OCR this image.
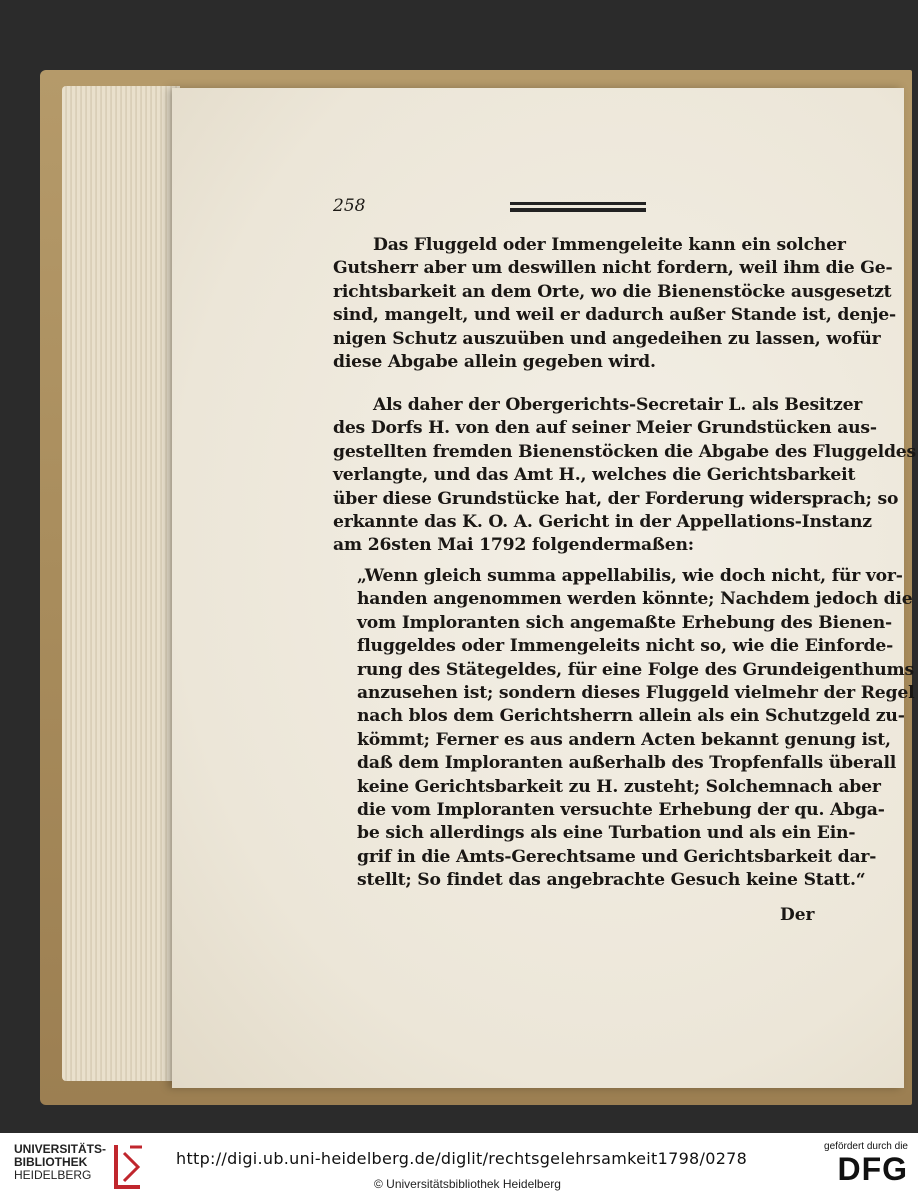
258
Das Fluggeld oder Immengeleite kann ein solcher
Gutsherr aber um deswillen nicht fordern, weil ihm die Ge-
richtsbarkeit an dem Orte, wo die Bienenstöcke ausgesetzt
sind, mangelt, und weil er dadurch außer Stande ist, denje-
nigen Schutz auszuüben und angedeihen zu lassen, wofür
diese Abgabe allein gegeben wird.
Als daher der Obergerichts-Secretair L. als Besitzer
des Dorfs H. von den auf seiner Meier Grundstücken aus-
gestellten fremden Bienenstöcken die Abgabe des Fluggeldes
verlangte, und das Amt H., welches die Gerichtsbarkeit
über diese Grundstücke hat, der Forderung widersprach; so
erkannte das K. O. A. Gericht in der Appellations-Instanz
am 26sten Mai 1792 folgendermaßen:
„Wenn gleich summa appellabilis, wie doch nicht, für vor-
handen angenommen werden könnte; Nachdem jedoch die
vom Imploranten sich angemaßte Erhebung des Bienen-
fluggeldes oder Immengeleits nicht so, wie die Einforde-
rung des Stätegeldes, für eine Folge des Grundeigenthums
anzusehen ist; sondern dieses Fluggeld vielmehr der Regel
nach blos dem Gerichtsherrn allein als ein Schutzgeld zu-
kömmt; Ferner es aus andern Acten bekannt genung ist,
daß dem Imploranten außerhalb des Tropfenfalls überall
keine Gerichtsbarkeit zu H. zusteht; Solchemnach aber
die vom Imploranten versuchte Erhebung der qu. Abga-
be sich allerdings als eine Turbation und als ein Ein-
grif in die Amts-Gerechtsame und Gerichtsbarkeit dar-
stellt; So findet das angebrachte Gesuch keine Statt.“
Der
UNIVERSITÄTS-
BIBLIOTHEK
HEIDELBERG
http://digi.ub.uni-heidelberg.de/diglit/rechtsgelehrsamkeit1798/0278
© Universitätsbibliothek Heidelberg
gefördert durch die
DFG
